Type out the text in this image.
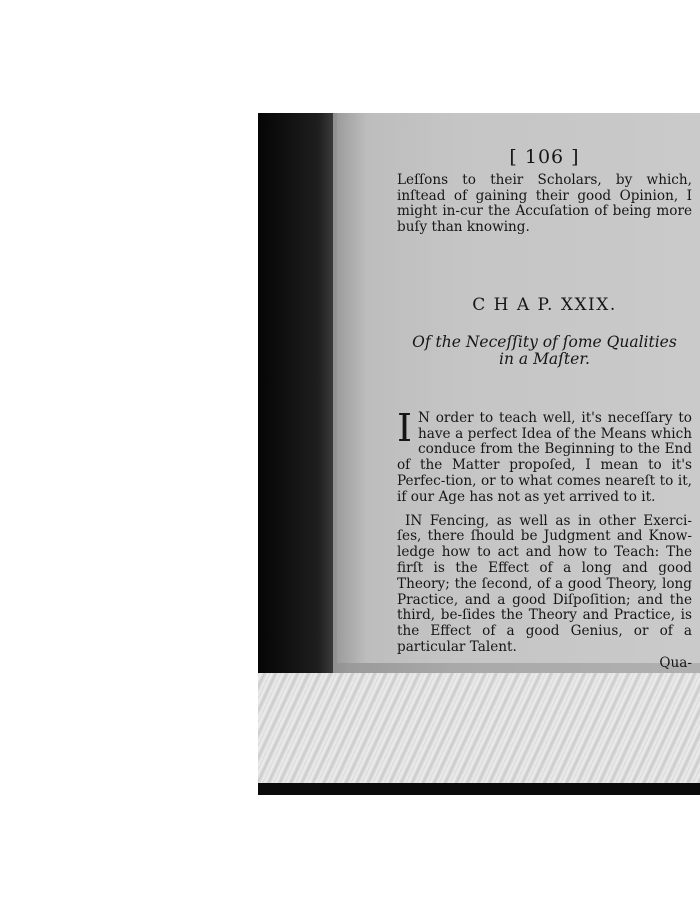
[ 106 ]

Leſſons to their Scholars, by which, inſtead of gaining their good Opinion, I might in-cur the Accuſation of being more buſy than knowing.

C H A P. XXIX.
Of the Neceſſity of ſome Qualities
in a Maſter.

I N order to teach well, it's neceſſary to have a perfect Idea of the Means which conduce from the Beginning to the End of the Matter propoſed, I mean to it's Perfec-tion, or to what comes neareſt to it, if our Age has not as yet arrived to it.

IN Fencing, as well as in other Exerci-ſes, there ſhould be Judgment and Know-ledge how to act and how to Teach: The firſt is the Effect of a long and good Theory; the ſecond, of a good Theory, long Practice, and a good Diſpoſition; and the third, be-ſides the Theory and Practice, is the Effect of a good Genius, or of a particular Talent.

Qua-
